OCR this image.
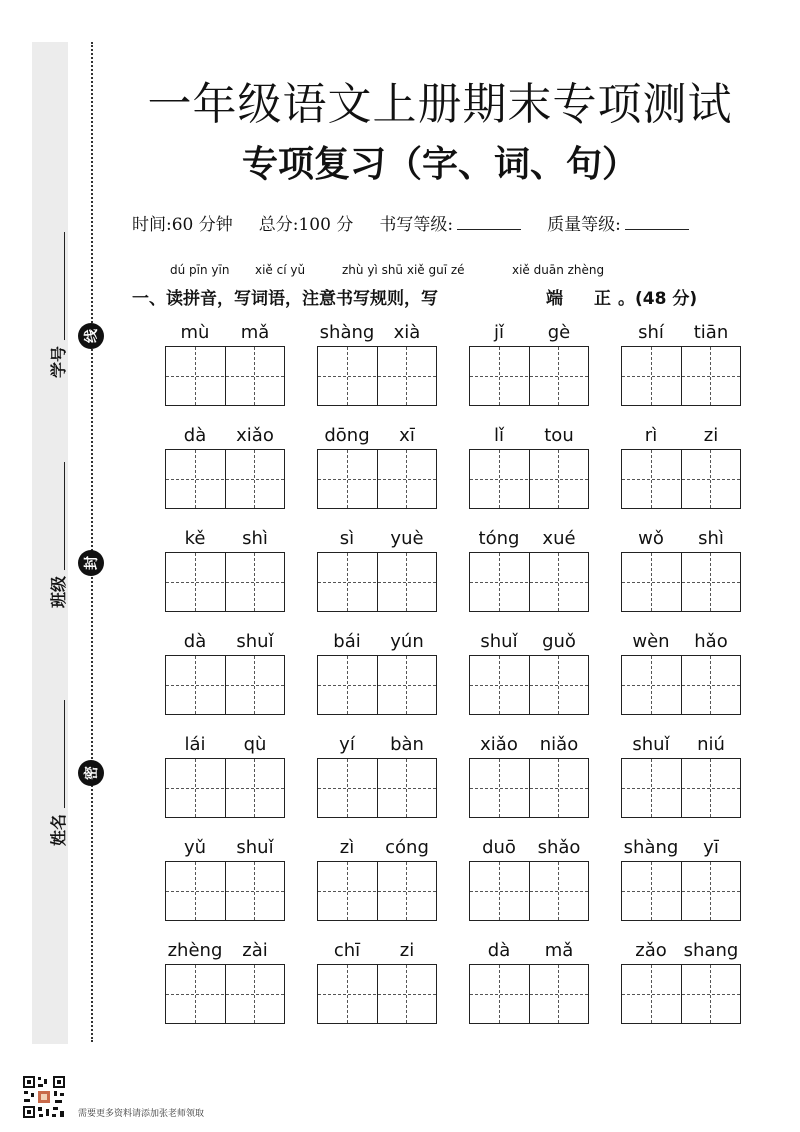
学号
班级
姓名
线
封
密
一年级语文上册期末专项测试
专项复习（字、词、句）
时间:60 分钟 总分:100 分 书写等级:	质量等级:
dú pīn yīn xiě cí yǔ	zhù yì shū xiě guī zé	xiě duān zhèng
一、读拼音，写词语，注意书写规则，写	端 正 。(48 分)
mù	mǎ	shàng	xià	jǐ	gè	shí	tiān
dà	xiǎo	dōng	xī	lǐ	tou	rì	zi
kě	shì	sì	yuè	tóng	xué	wǒ	shì
dà	shuǐ	bái	yún	shuǐ	guǒ	wèn	hǎo
lái	qù	yí	bàn	xiǎo	niǎo	shuǐ	niú
yǔ	shuǐ	zì	cóng	duō	shǎo	shàng	yī
zhèng	zài	chī	zi	dà	mǎ	zǎo shang
需要更多资料请添加张老师领取
